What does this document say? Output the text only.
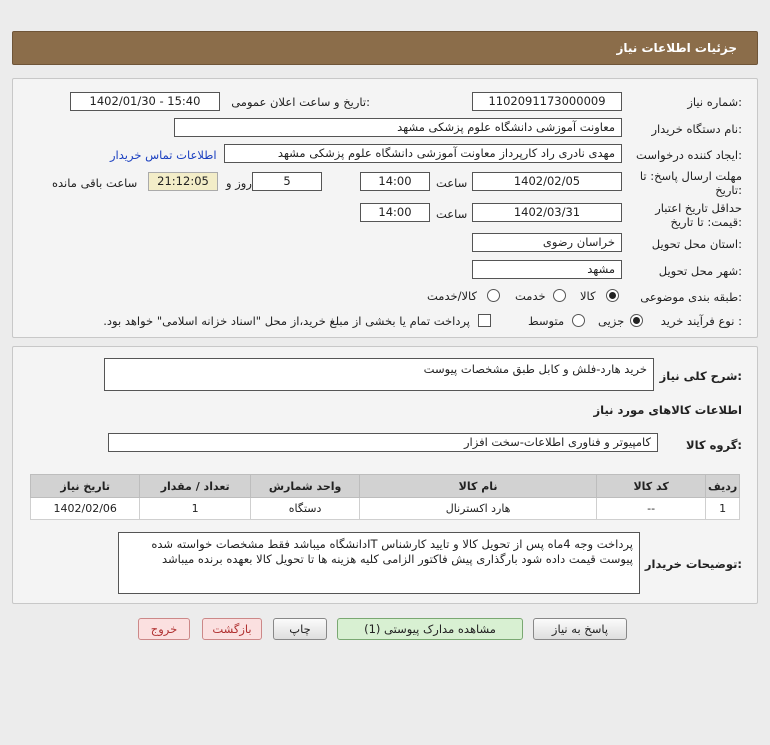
جزئیات اطلاعات نیاز
شماره نیاز:
1102091173000009
تاریخ و ساعت اعلان عمومی:
1402/01/30 - 15:40
نام دستگاه خریدار:
معاونت آموزشی دانشگاه علوم پزشکی مشهد
ایجاد کننده درخواست:
مهدی نادری راد کارپرداز معاونت آموزشی دانشگاه علوم پزشکی مشهد
اطلاعات تماس خریدار
مهلت ارسال پاسخ: تا
تاریخ:
1402/02/05
ساعت
14:00
5
روز و
21:12:05
ساعت باقی مانده
حداقل تاریخ اعتبار
قیمت: تا تاریخ:
1402/03/31
ساعت
14:00
استان محل تحویل:
خراسان رضوی
شهر محل تحویل:
مشهد
طبقه بندی موضوعی:
کالا
خدمت
کالا/خدمت
نوع فرآیند خرید :
جزیی
متوسط
پرداخت تمام یا بخشی از مبلغ خرید،از محل "اسناد خزانه اسلامی" خواهد بود.
شرح کلی نیاز:
خرید هارد-فلش و کابل طبق مشخصات پیوست
اطلاعات کالاهای مورد نیاز
گروه کالا:
کامپیوتر و فناوری اطلاعات-سخت افزار
ردیف	کد کالا	نام کالا	واحد شمارش	تعداد / مقدار	تاریخ نیاز
1	--	هارد اکسترنال	دستگاه	1	1402/02/06
توضیحات خریدار:
پرداخت وجه 4ماه پس از تحویل کالا و تایید کارشناس ITدانشگاه میباشد فقط مشخصات خواسته شده پیوست قیمت داده شود بارگذاری پیش فاکتور الزامی کلیه هزینه ها تا تحویل کالا بعهده برنده میباشد
پاسخ به نیاز
مشاهده مدارک پیوستی (1)
چاپ
بازگشت
خروج
